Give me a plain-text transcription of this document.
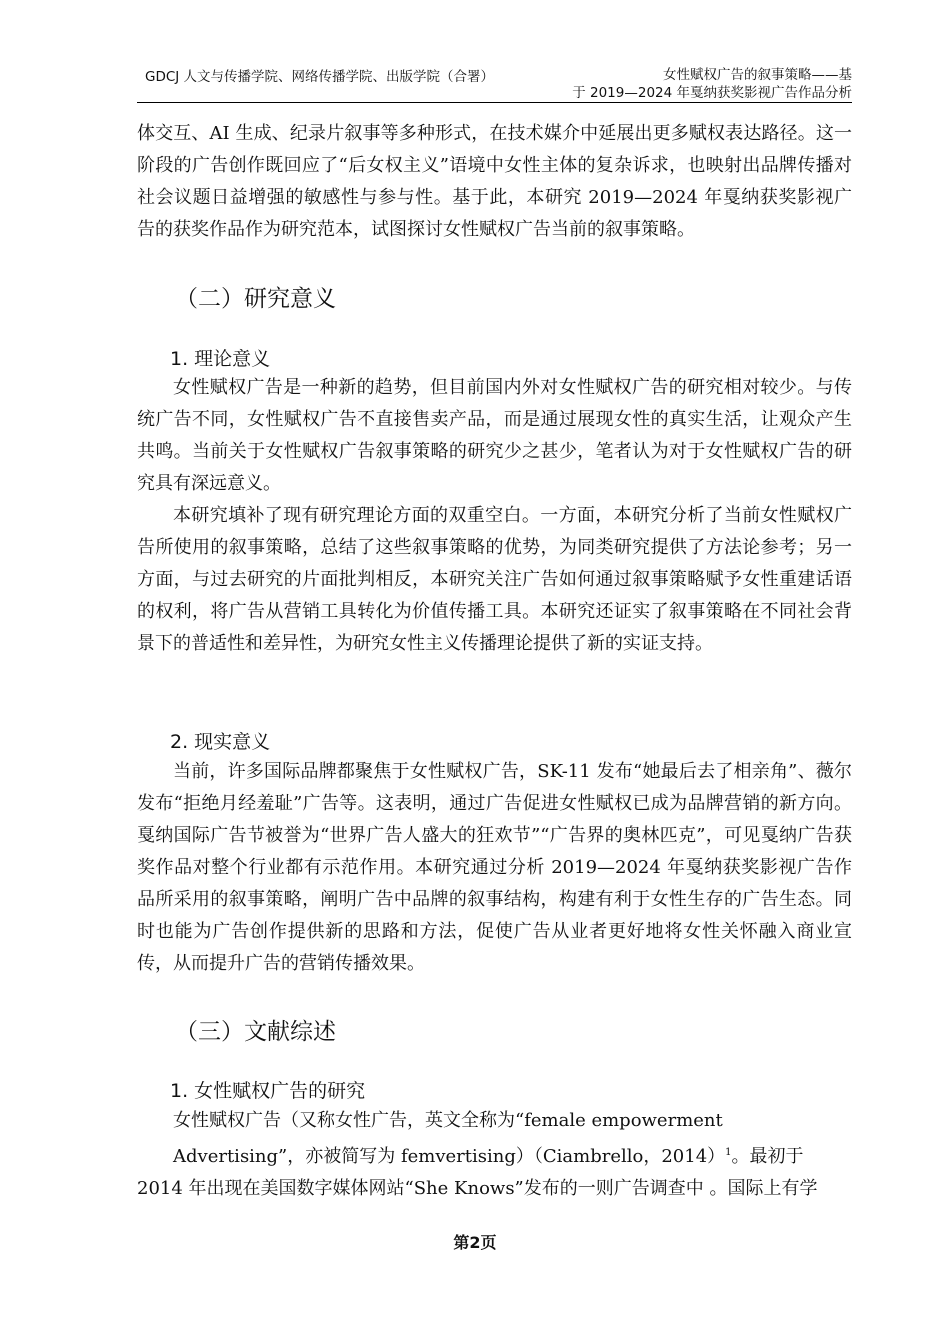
GDCJ 人文与传播学院、网络传播学院、出版学院（合署）	女性赋权广告的叙事策略——基
于 2019—2024 年戛纳获奖影视广告作品分析

体交互、AI 生成、纪录片叙事等多种形式，在技术媒介中延展出更多赋权表达路径。这一阶段的广告创作既回应了“后女权主义”语境中女性主体的复杂诉求，也映射出品牌传播对社会议题日益增强的敏感性与参与性。基于此，本研究 2019—2024 年戛纳获奖影视广告的获奖作品作为研究范本，试图探讨女性赋权广告当前的叙事策略。

（二）研究意义
1. 理论意义

女性赋权广告是一种新的趋势，但目前国内外对女性赋权广告的研究相对较少。与传统广告不同，女性赋权广告不直接售卖产品，而是通过展现女性的真实生活，让观众产生共鸣。当前关于女性赋权广告叙事策略的研究少之甚少，笔者认为对于女性赋权广告的研究具有深远意义。

本研究填补了现有研究理论方面的双重空白。一方面，本研究分析了当前女性赋权广告所使用的叙事策略，总结了这些叙事策略的优势，为同类研究提供了方法论参考；另一方面，与过去研究的片面批判相反，本研究关注广告如何通过叙事策略赋予女性重建话语的权利，将广告从营销工具转化为价值传播工具。本研究还证实了叙事策略在不同社会背景下的普适性和差异性，为研究女性主义传播理论提供了新的实证支持。

2. 现实意义

当前，许多国际品牌都聚焦于女性赋权广告，SK-11 发布“她最后去了相亲角”、薇尔发布“拒绝月经羞耻”广告等。这表明，通过广告促进女性赋权已成为品牌营销的新方向。戛纳国际广告节被誉为“世界广告人盛大的狂欢节”“广告界的奥林匹克”，可见戛纳广告获奖作品对整个行业都有示范作用。本研究通过分析 2019—2024 年戛纳获奖影视广告作品所采用的叙事策略，阐明广告中品牌的叙事结构，构建有利于女性生存的广告生态。同时也能为广告创作提供新的思路和方法，促使广告从业者更好地将女性关怀融入商业宣传，从而提升广告的营销传播效果。

（三）文献综述
1. 女性赋权广告的研究

女性赋权广告（又称女性广告，英文全称为“female empowerment

Advertising”，亦被简写为 femvertising）（Ciambrello，2014）$^1$。最初于

2014 年出现在美国数字媒体网站“She Knows”发布的一则广告调查中 。国际上有学

第2页
